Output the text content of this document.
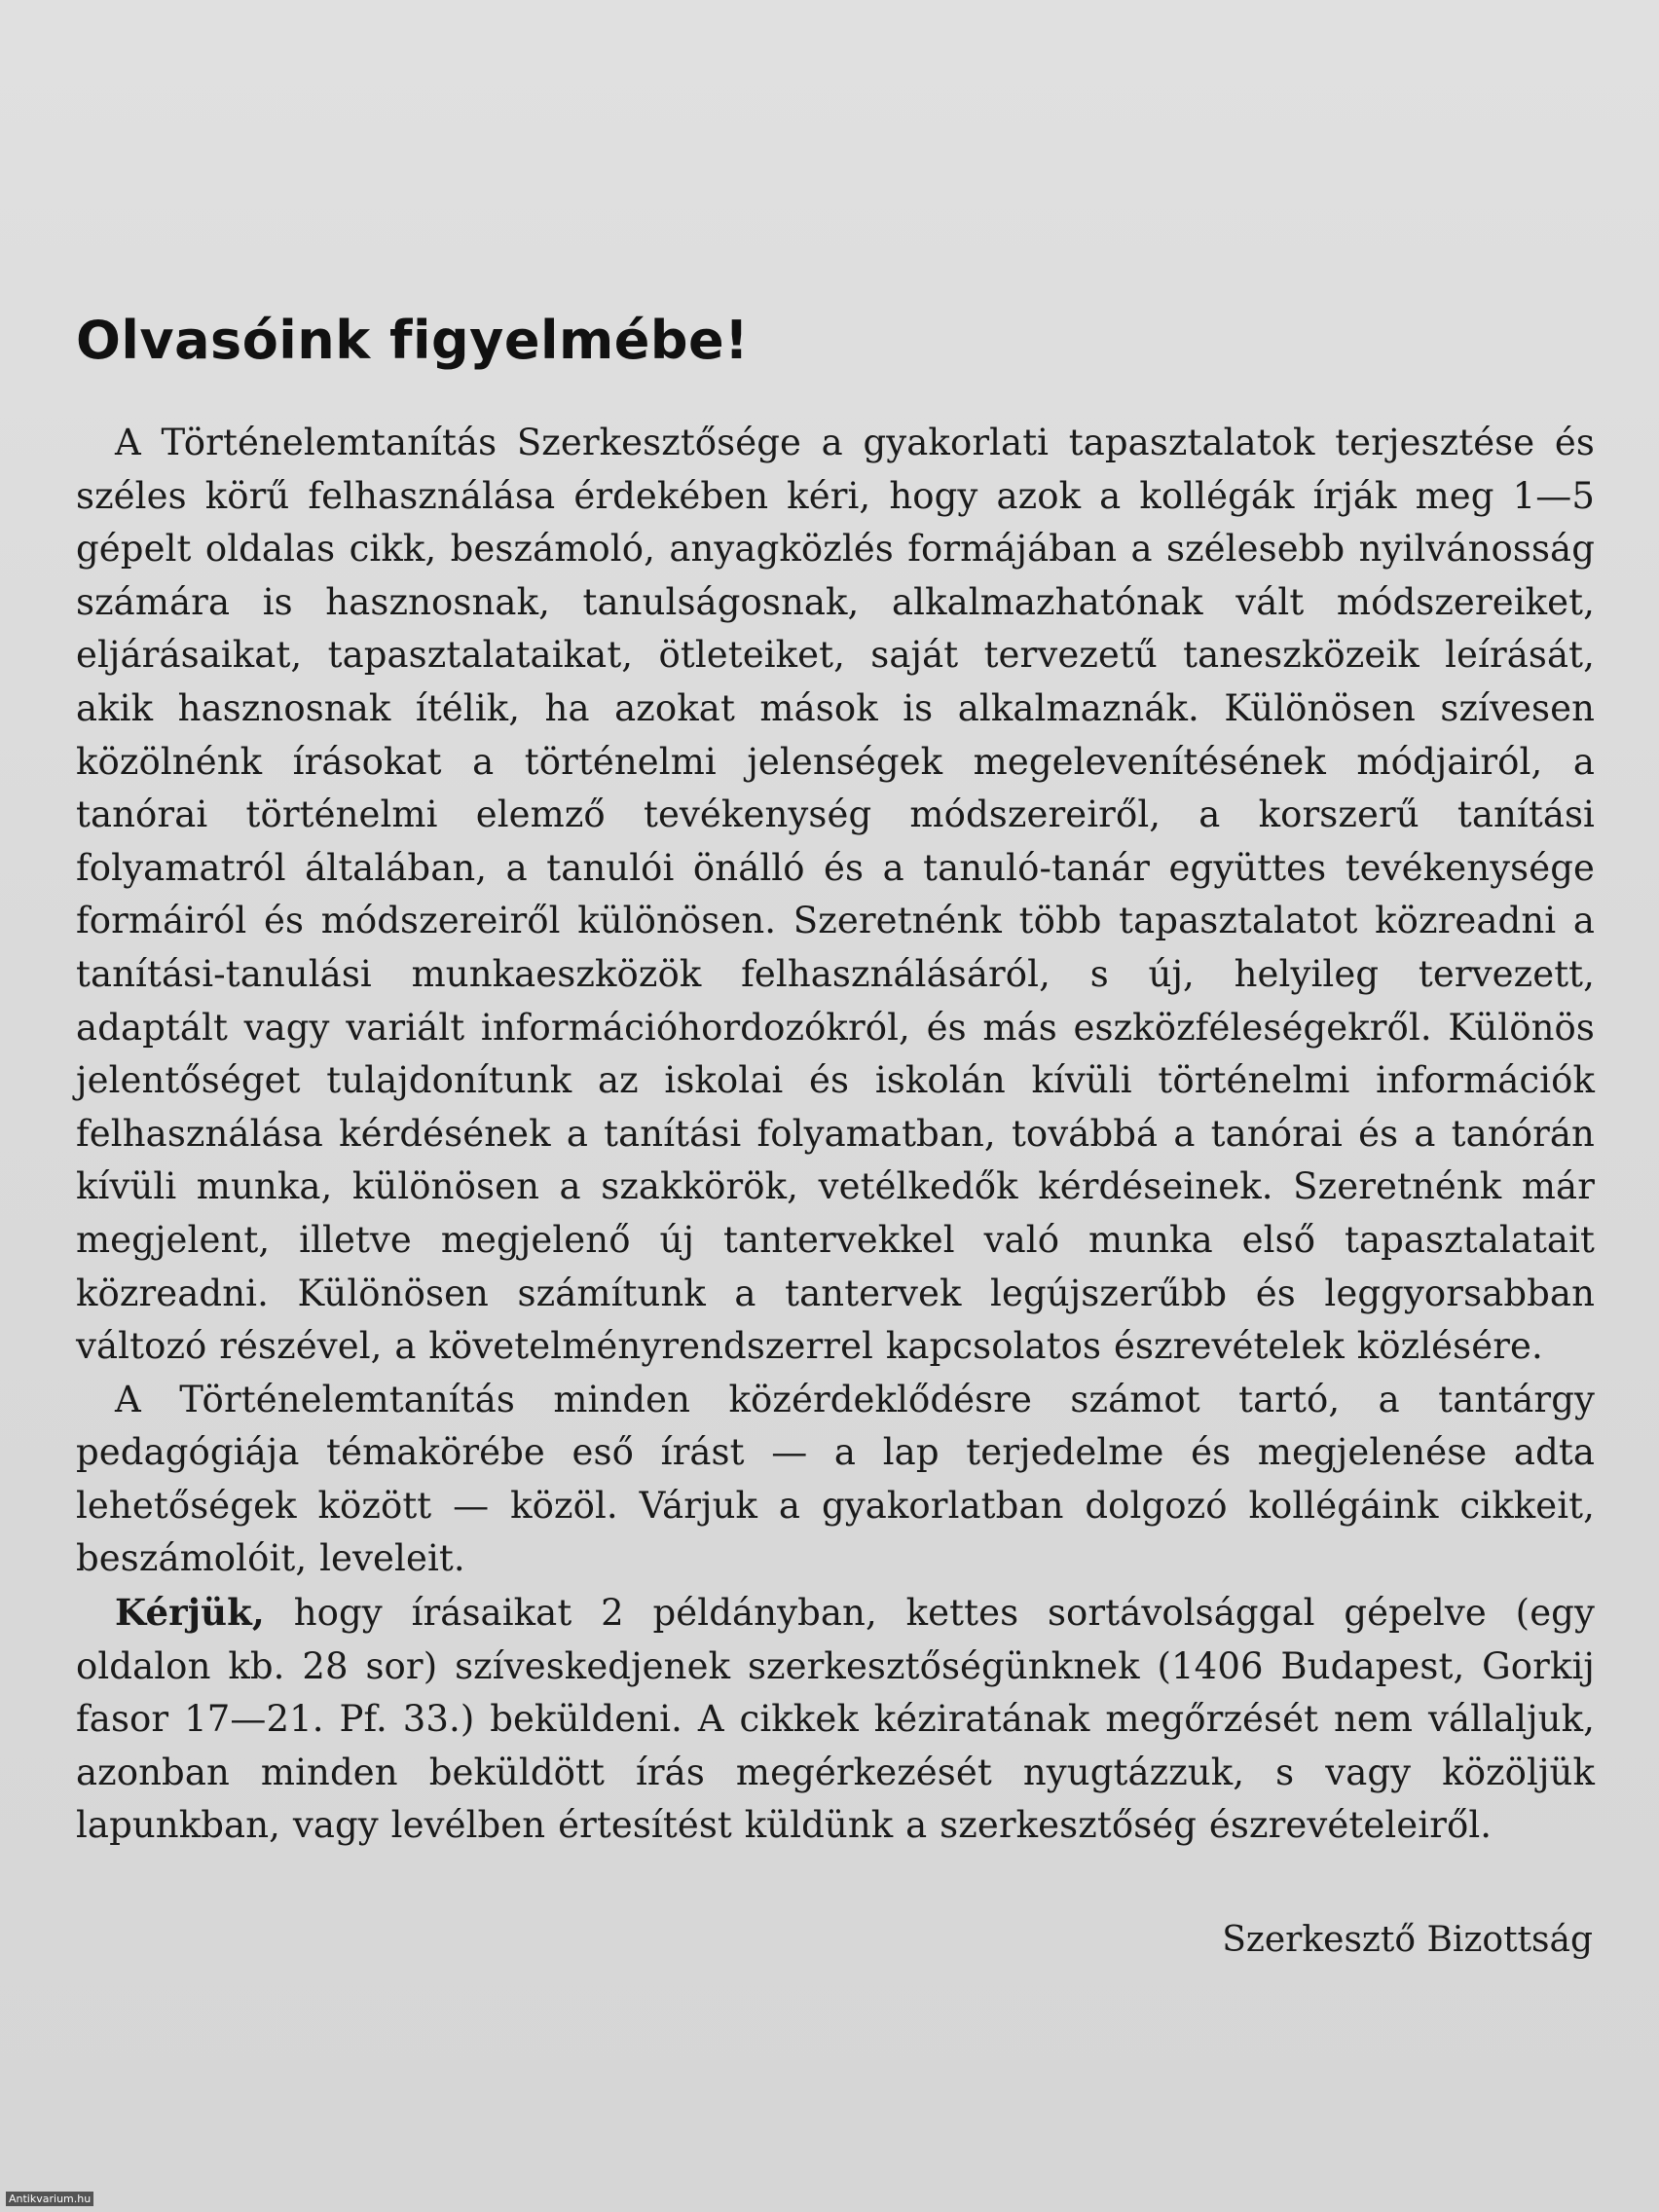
Olvasóink figyelmébe!

A Történelemtanítás Szerkesztősége a gyakorlati tapasztalatok terjesztése és széles körű felhasználása érdekében kéri, hogy azok a kollégák írják meg 1—5 gépelt oldalas cikk, beszámoló, anyagközlés formájában a szélesebb nyilvánosság számára is hasznosnak, tanulságosnak, alkalmazhatónak vált módszereiket, eljárásaikat, tapasztalataikat, ötleteiket, saját tervezetű taneszközeik leírását, akik hasznosnak ítélik, ha azokat mások is alkalmaznák. Különösen szívesen közölnénk írásokat a történelmi jelenségek megelevenítésének módjairól, a tanórai történelmi elemző tevékenység módszereiről, a korszerű tanítási folyamatról általában, a tanulói önálló és a tanuló-tanár együttes tevékenysége formáiról és módszereiről különösen. Szeretnénk több tapasztalatot közreadni a tanítási-tanulási munkaeszközök felhasználásáról, s új, helyileg tervezett, adaptált vagy variált információhordozókról, és más eszközféleségekről. Különös jelentőséget tulajdonítunk az iskolai és iskolán kívüli történelmi információk felhasználása kérdésének a tanítási folyamatban, továbbá a tanórai és a tanórán kívüli munka, különösen a szakkörök, vetélkedők kérdéseinek. Szeretnénk már megjelent, illetve megjelenő új tantervekkel való munka első tapasztalatait közreadni. Különösen számítunk a tantervek legújszerűbb és leggyorsabban változó részével, a követelményrendszerrel kapcsolatos észrevételek közlésére.

A Történelemtanítás minden közérdeklődésre számot tartó, a tantárgy pedagógiája témakörébe eső írást — a lap terjedelme és megjelenése adta lehetőségek között — közöl. Várjuk a gyakorlatban dolgozó kollégáink cikkeit, beszámolóit, leveleit.

Kérjük, hogy írásaikat 2 példányban, kettes sortávolsággal gépelve (egy oldalon kb. 28 sor) szíveskedjenek szerkesztőségünknek (1406 Budapest, Gorkij fasor 17—21. Pf. 33.) beküldeni. A cikkek kéziratának megőrzését nem vállaljuk, azonban minden beküldött írás megérkezését nyugtázzuk, s vagy közöljük lapunkban, vagy levélben értesítést küldünk a szerkesztőség észrevételeiről.

Szerkesztő Bizottság

Antikvarium.hu
